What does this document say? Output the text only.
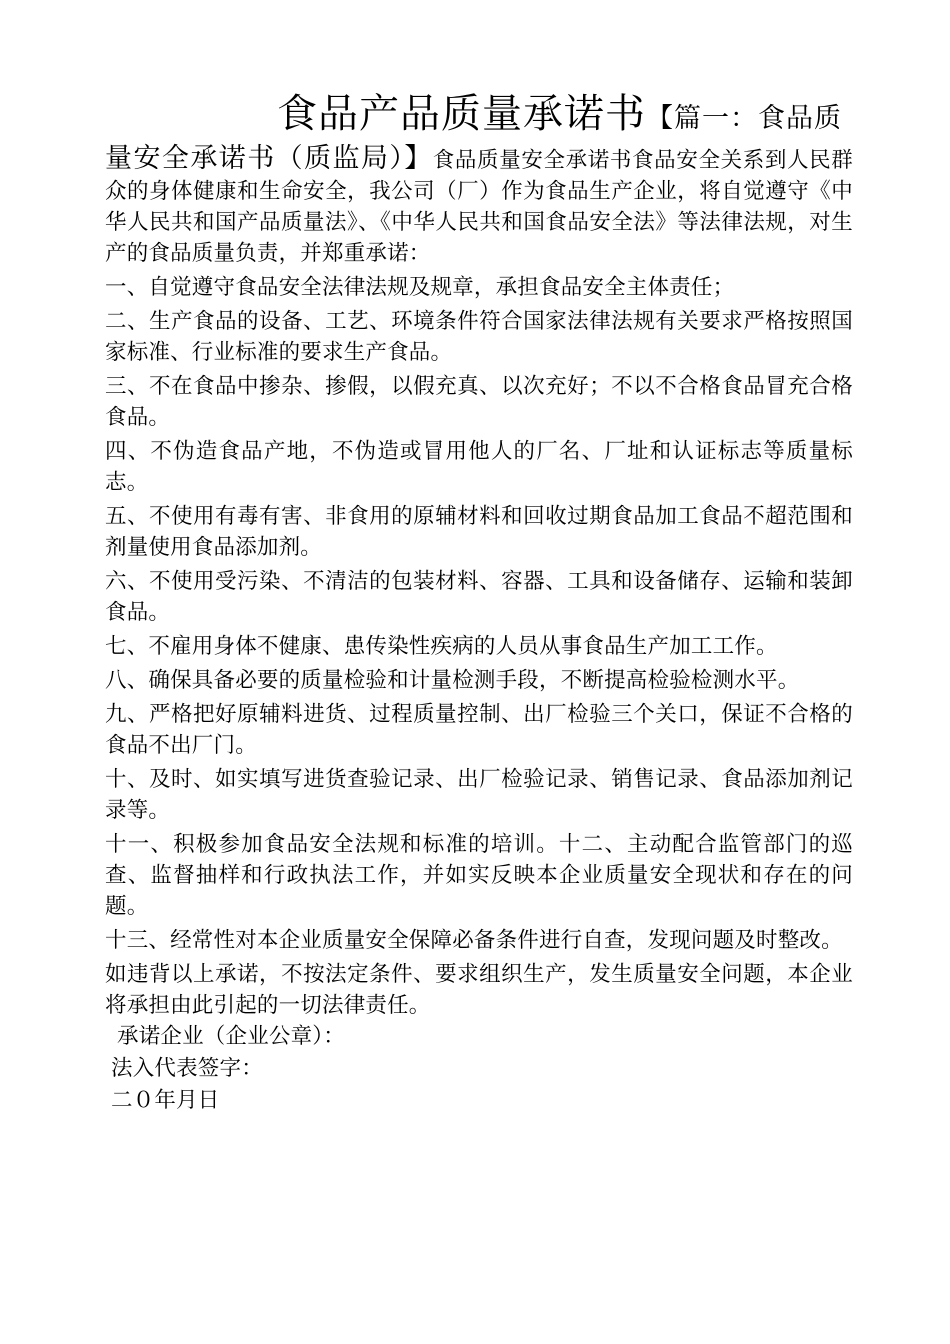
食品产品质量承诺书【篇一：食品质

量安全承诺书（质监局）】食品质量安全承诺书食品安全关系到人民群众的身体健康和生命安全，我公司（厂）作为食品生产企业，将自觉遵守《中华人民共和国产品质量法》、《中华人民共和国食品安全法》等法律法规，对生产的食品质量负责，并郑重承诺：

一、自觉遵守食品安全法律法规及规章，承担食品安全主体责任；

二、生产食品的设备、工艺、环境条件符合国家法律法规有关要求严格按照国家标准、行业标准的要求生产食品。

三、不在食品中掺杂、掺假，以假充真、以次充好；不以不合格食品冒充合格食品。

四、不伪造食品产地，不伪造或冒用他人的厂名、厂址和认证标志等质量标志。

五、不使用有毒有害、非食用的原辅材料和回收过期食品加工食品不超范围和剂量使用食品添加剂。

六、不使用受污染、不清洁的包装材料、容器、工具和设备储存、运输和装卸食品。

七、不雇用身体不健康、患传染性疾病的人员从事食品生产加工工作。

八、确保具备必要的质量检验和计量检测手段，不断提高检验检测水平。

九、严格把好原辅料进货、过程质量控制、出厂检验三个关口，保证不合格的食品不出厂门。

十、及时、如实填写进货查验记录、出厂检验记录、销售记录、食品添加剂记录等。

十一、积极参加食品安全法规和标准的培训。十二、主动配合监管部门的巡查、监督抽样和行政执法工作，并如实反映本企业质量安全现状和存在的问题。

十三、经常性对本企业质量安全保障必备条件进行自查，发现问题及时整改。

如违背以上承诺，不按法定条件、要求组织生产，发生质量安全问题，本企业将承担由此引起的一切法律责任。

承诺企业（企业公章）：

法入代表签字：

二０年月日
